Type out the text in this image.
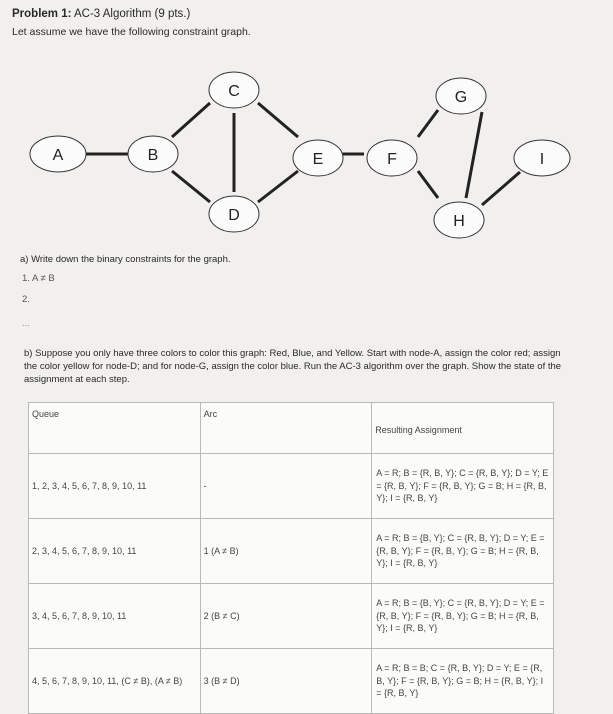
Problem 1: AC-3 Algorithm (9 pts.)
Let assume we have the following constraint graph.
A	B
C
D
E	F
G
H
I
a) Write down the binary constraints for the graph.
1. A ≠ B
2.
...
b) Suppose you only have three colors to color this graph: Red, Blue, and Yellow. Start with node-A, assign the color red; assign the color yellow for node-D; and for node-G, assign the color blue. Run the AC-3 algorithm over the graph. Show the state of the assignment at each step.
Queue	Arc	Resulting Assignment
1, 2, 3, 4, 5, 6, 7, 8, 9, 10, 11	-	A = R; B = {R, B, Y}; C = {R, B, Y}; D = Y; E = {R, B, Y}; F = {R, B, Y}; G = B; H = {R, B, Y}; I = {R, B, Y}
2, 3, 4, 5, 6, 7, 8, 9, 10, 11	1 (A ≠ B)	A = R; B = {B, Y}; C = {R, B, Y}; D = Y; E = {R, B, Y}; F = {R, B, Y}; G = B; H = {R, B, Y}; I = {R, B, Y}
3, 4, 5, 6, 7, 8, 9, 10, 11	2 (B ≠ C)	A = R; B = {B, Y}; C = {R, B, Y}; D = Y; E = {R, B, Y}; F = {R, B, Y}; G = B; H = {R, B, Y}; I = {R, B, Y}
4, 5, 6, 7, 8, 9, 10, 11, (C ≠ B), (A ≠ B)	3 (B ≠ D)	A = R; B = B; C = {R, B, Y}; D = Y; E = {R, B, Y}; F = {R, B, Y}; G = B; H = {R, B, Y}; I = {R, B, Y}
